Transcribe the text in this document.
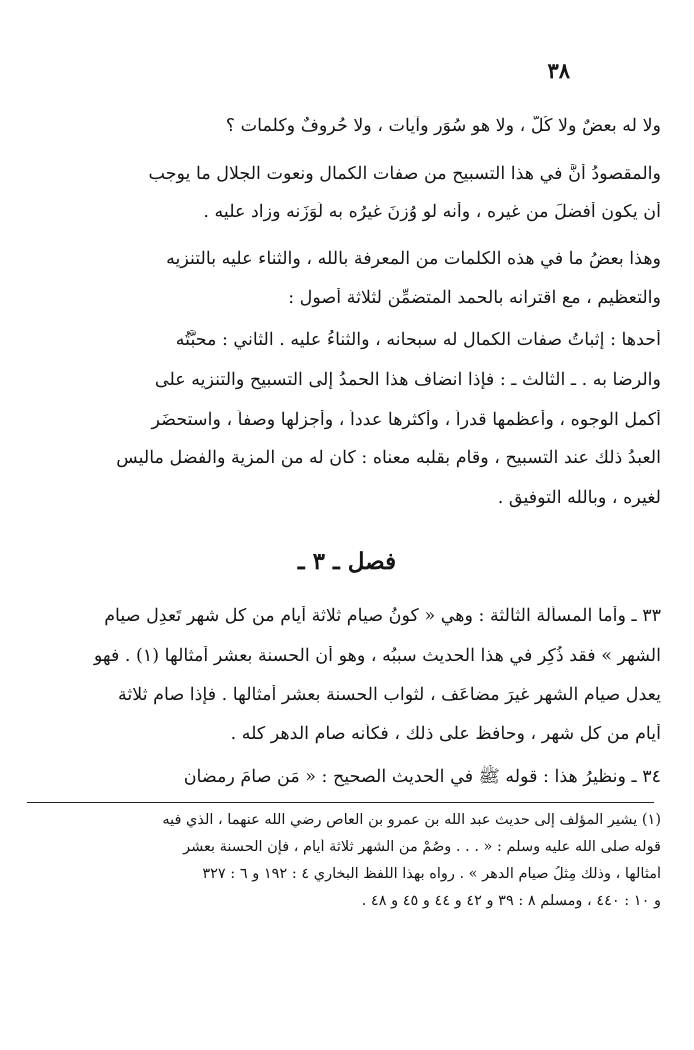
٣٨
ولا له بعضٌ ولا كُلٌّ ، ولا هو سُوَر وآيات ، ولا حُروفٌ وكلمات ؟
والمقصودُ أنَّ في هذا التسبيح من صفات الكمال ونعوت الجلال ما يوجب
أن يكون أفضلَ من غيره ، وأنه لو وُزِنَ غيرُه به لَوَزَنه وزاد عليه .
وهذا بعضُ ما في هذه الكلمات من المعرفة بالله ، والثناء عليه بالتنزيه
والتعظيم ، مع اقترانه بالحمد المتضمِّن لثلاثة أُصول :
أحدها : إثباتُ صفات الكمال له سبحانه ، والثناءُ عليه . الثاني : محبَّتُه
والرضا به . ـ الثالث ـ : فإذا انضاف هذا الحمدُ إلى التسبيح والتنزيه على
أكمل الوجوه ، وأعظمها قدراً ، وأكثرها عدداً ، وأجزلها وصفاً ، واستحضَر
العبدُ ذلك عند التسبيح ، وقام بقلبه معناه : كان له من المزية والفضل ماليس
لغيره ، وبالله التوفيق .
فصل ـ ٣ ـ
٣٣ ـ وأما المسألة الثالثة : وهي « كونُ صيام ثلاثة أيام من كل شهر تَعدِل صيام
الشهر » فقد ذُكِر في هذا الحديث سببُه ، وهو أن الحسنة بعشر أمثالها (١) . فهو
يعدل صيام الشهر غيرَ مضاعَف ، لثواب الحسنة بعشر أمثالها . فإذا صام ثلاثة
أيام من كل شهر ، وحافظ على ذلك ، فكأنه صام الدهر كله .
٣٤ ـ ونظيرُ هذا : قوله ﷺ في الحديث الصحيح : « مَن صامَ رمضان
(١) يشير المؤلف إلى حديث عبد الله بن عمرو بن العاص رضي الله عنهما ، الذي فيه
قوله صلى الله عليه وسلم : « . . . وصُمْ من الشهر ثلاثة أيام ، فإن الحسنة بعشر
أمثالها ، وذلك مِثلُ صيام الدهر » . رواه بهذا اللفظ البخاري ٤ : ١٩٢ و ٦ : ٣٢٧
و ١٠ : ٤٤٠ ، ومسلم ٨ : ٣٩ و ٤٢ و ٤٤ و ٤٥ و ٤٨ .
